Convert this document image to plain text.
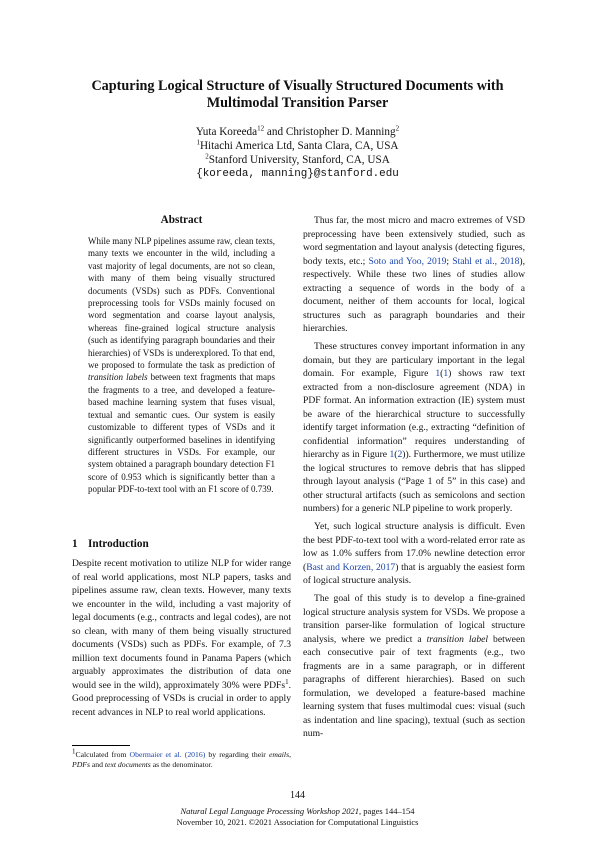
Capturing Logical Structure of Visually Structured Documents with Multimodal Transition Parser
Yuta Koreeda$^{12}$ and Christopher D. Manning$^2$
$^1$Hitachi America Ltd, Santa Clara, CA, USA
$^2$Stanford University, Stanford, CA, USA
{koreeda, manning}@stanford.edu
Abstract

While many NLP pipelines assume raw, clean texts, many texts we encounter in the wild, including a vast majority of legal documents, are not so clean, with many of them being visually structured documents (VSDs) such as PDFs. Conventional preprocessing tools for VSDs mainly focused on word segmentation and coarse layout analysis, whereas fine-grained logical structure analysis (such as identifying paragraph boundaries and their hierarchies) of VSDs is underexplored. To that end, we proposed to formulate the task as prediction of transition labels between text fragments that maps the fragments to a tree, and developed a feature-based machine learning system that fuses visual, textual and semantic cues. Our system is easily customizable to different types of VSDs and it significantly outperformed baselines in identifying different structures in VSDs. For example, our system obtained a paragraph boundary detection F1 score of 0.953 which is significantly better than a popular PDF-to-text tool with an F1 score of 0.739.

1 Introduction

Despite recent motivation to utilize NLP for wider range of real world applications, most NLP papers, tasks and pipelines assume raw, clean texts. However, many texts we encounter in the wild, including a vast majority of legal documents (e.g., contracts and legal codes), are not so clean, with many of them being visually structured documents (VSDs) such as PDFs. For example, of 7.3 million text documents found in Panama Papers (which arguably approximates the distribution of data one would see in the wild), approximately 30% were PDFs$^1$. Good preprocessing of VSDs is crucial in order to apply recent advances in NLP to real world applications.

$^1$Calculated from Obermaier et al. (2016) by regarding their emails, PDFs and text documents as the denominator.

Thus far, the most micro and macro extremes of VSD preprocessing have been extensively studied, such as word segmentation and layout analysis (detecting figures, body texts, etc.; Soto and Yoo, 2019; Stahl et al., 2018), respectively. While these two lines of studies allow extracting a sequence of words in the body of a document, neither of them accounts for local, logical structures such as paragraph boundaries and their hierarchies.

These structures convey important information in any domain, but they are particulary important in the legal domain. For example, Figure 1(1) shows raw text extracted from a non-disclosure agreement (NDA) in PDF format. An information extraction (IE) system must be aware of the hierarchical structure to successfully identify target information (e.g., extracting “definition of confidential information” requires understanding of hierarchy as in Figure 1(2)). Furthermore, we must utilize the logical structures to remove debris that has slipped through layout analysis (“Page 1 of 5” in this case) and other structural artifacts (such as semicolons and section numbers) for a generic NLP pipeline to work properly.

Yet, such logical structure analysis is difficult. Even the best PDF-to-text tool with a word-related error rate as low as 1.0% suffers from 17.0% newline detection error (Bast and Korzen, 2017) that is arguably the easiest form of logical structure analysis.

The goal of this study is to develop a fine-grained logical structure analysis system for VSDs. We propose a transition parser-like formulation of logical structure analysis, where we predict a transition label between each consecutive pair of text fragments (e.g., two fragments are in a same paragraph, or in different paragraphs of different hierarchies). Based on such formulation, we developed a feature-based machine learning system that fuses multimodal cues: visual (such as indentation and line spacing), textual (such as section num-

144
Natural Legal Language Processing Workshop 2021, pages 144–154
November 10, 2021. ©2021 Association for Computational Linguistics
